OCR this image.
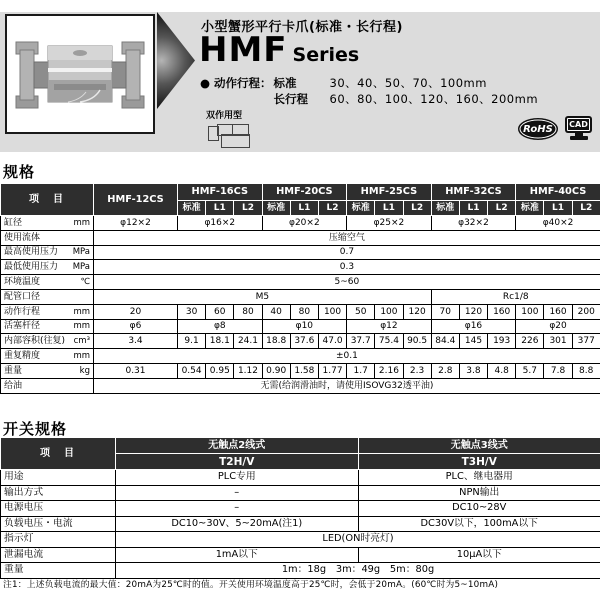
小型蟹形平行卡爪(标准・长行程)
HMF Series
● 动作行程： 标准	30、40、50、70、100mm
长行程	60、80、100、120、160、200mm
双作用型
RoHS	CAD
规格
项　目	HMF-12CS	HMF-16CS			HMF-20CS			HMF-25CS			HMF-32CS			HMF-40CS		
		标准	L1	L2	标准	L1	L2	标准	L1	L2	标准	L1	L2	标准	L1	L2

缸径 mm	φ12×2	φ16×2			φ20×2			φ25×2			φ32×2			φ40×2		

使用流体	压缩空气															

最高使用压力 MPa	0.7															

最低使用压力 MPa	0.3															

环境温度 ℃	5~60															

配管口径	M5										Rc1/8					

动作行程 mm	20	30	60	80	40	80	100	50	100	120	70	120	160	100	160	200

活塞杆径 mm	φ6	φ8			φ10			φ12			φ16			φ20		

内部容积(往复) cm³	3.4	9.1	18.1	24.1	18.8	37.6	47.0	37.7	75.4	90.5	84.4	145	193	226	301	377

重复精度 mm	±0.1															

重量 kg	0.31	0.54	0.95	1.12	0.90	1.58	1.77	1.7	2.16	2.3	2.8	3.8	4.8	5.7	7.8	8.8

给油	无需(给润滑油时，请使用ISOVG32透平油)															
开关规格
项　目	无触点2线式	无触点3线式
	T2H/V	T3H/V

用途	PLC专用	PLC、继电器用

输出方式	–	NPN输出

电源电压	–	DC10~28V

负载电压・电流	DC10~30V、5~20mA(注1)	DC30V以下，100mA以下

指示灯	LED(ON时亮灯)	

泄漏电流	1mA以下	10μA以下

重量	1m：18g　3m：49g　5m：80g	
注1：上述负载电流的最大值：20mA为25℃时的值。开关使用环境温度高于25℃时，会低于20mA。(60℃时为5~10mA)
